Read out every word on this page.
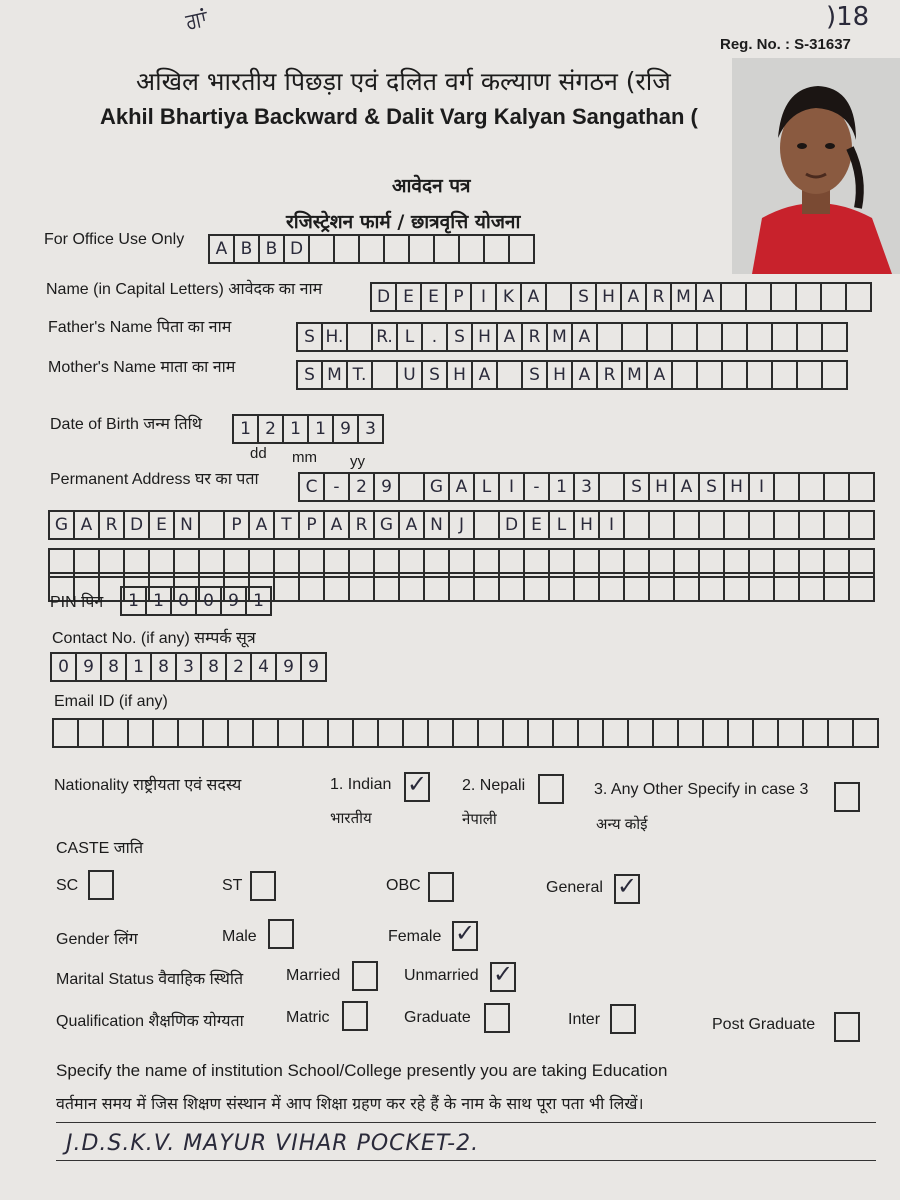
ਗਾਂ	)18
Reg. No. : S-31637
अखिल भारतीय पिछड़ा एवं दलित वर्ग कल्याण संगठन (रजि
Akhil Bhartiya Backward & Dalit Varg Kalyan Sangathan (
आवेदन पत्र
रजिस्ट्रेशन फार्म / छात्रवृत्ति योजना
For Office Use Only	A B B D
Name (in Capital Letters) आवेदक का नाम	D E E P	I K A	S H A R M A
Father's Name पिता का नाम	S H. R. L	. S H A R M A
Mother's Name माता का नाम	S M T.	U S H A	S H A R M A
Date of Birth जन्म तिथि	1 2 1 1 9 3
dd mm yy
Permanent Address घर का पता	C - 2 9	G A L	I	- 1 3	S H A S H I
G A R D E N	P A T P A R G A N J	D E L H I
PIN पिन	1 1 0 0 9 1
Contact No. (if any) सम्पर्क सूत्र
0 9 8 1 8 3 8 2 4 9 9
Email ID (if any)
Nationality राष्ट्रीयता एवं सदस्य	1. Indian ✓
भारतीय
2. Nepali
नेपाली
3. Any Other Specify in case 3
अन्य कोई
CASTE जाति
SC	ST	OBC	General ✓
Gender लिंग	Male	Female ✓
Marital Status वैवाहिक स्थिति	Married	Unmarried ✓
Qualification शैक्षणिक योग्यता	Matric	Graduate	Inter	Post Graduate
Specify the name of institution School/College presently you are taking Education
वर्तमान समय में जिस शिक्षण संस्थान में आप शिक्षा ग्रहण कर रहे हैं के नाम के साथ पूरा पता भी लिखें।
J.D.S.K.V. MAYUR VIHAR POCKET-2.
